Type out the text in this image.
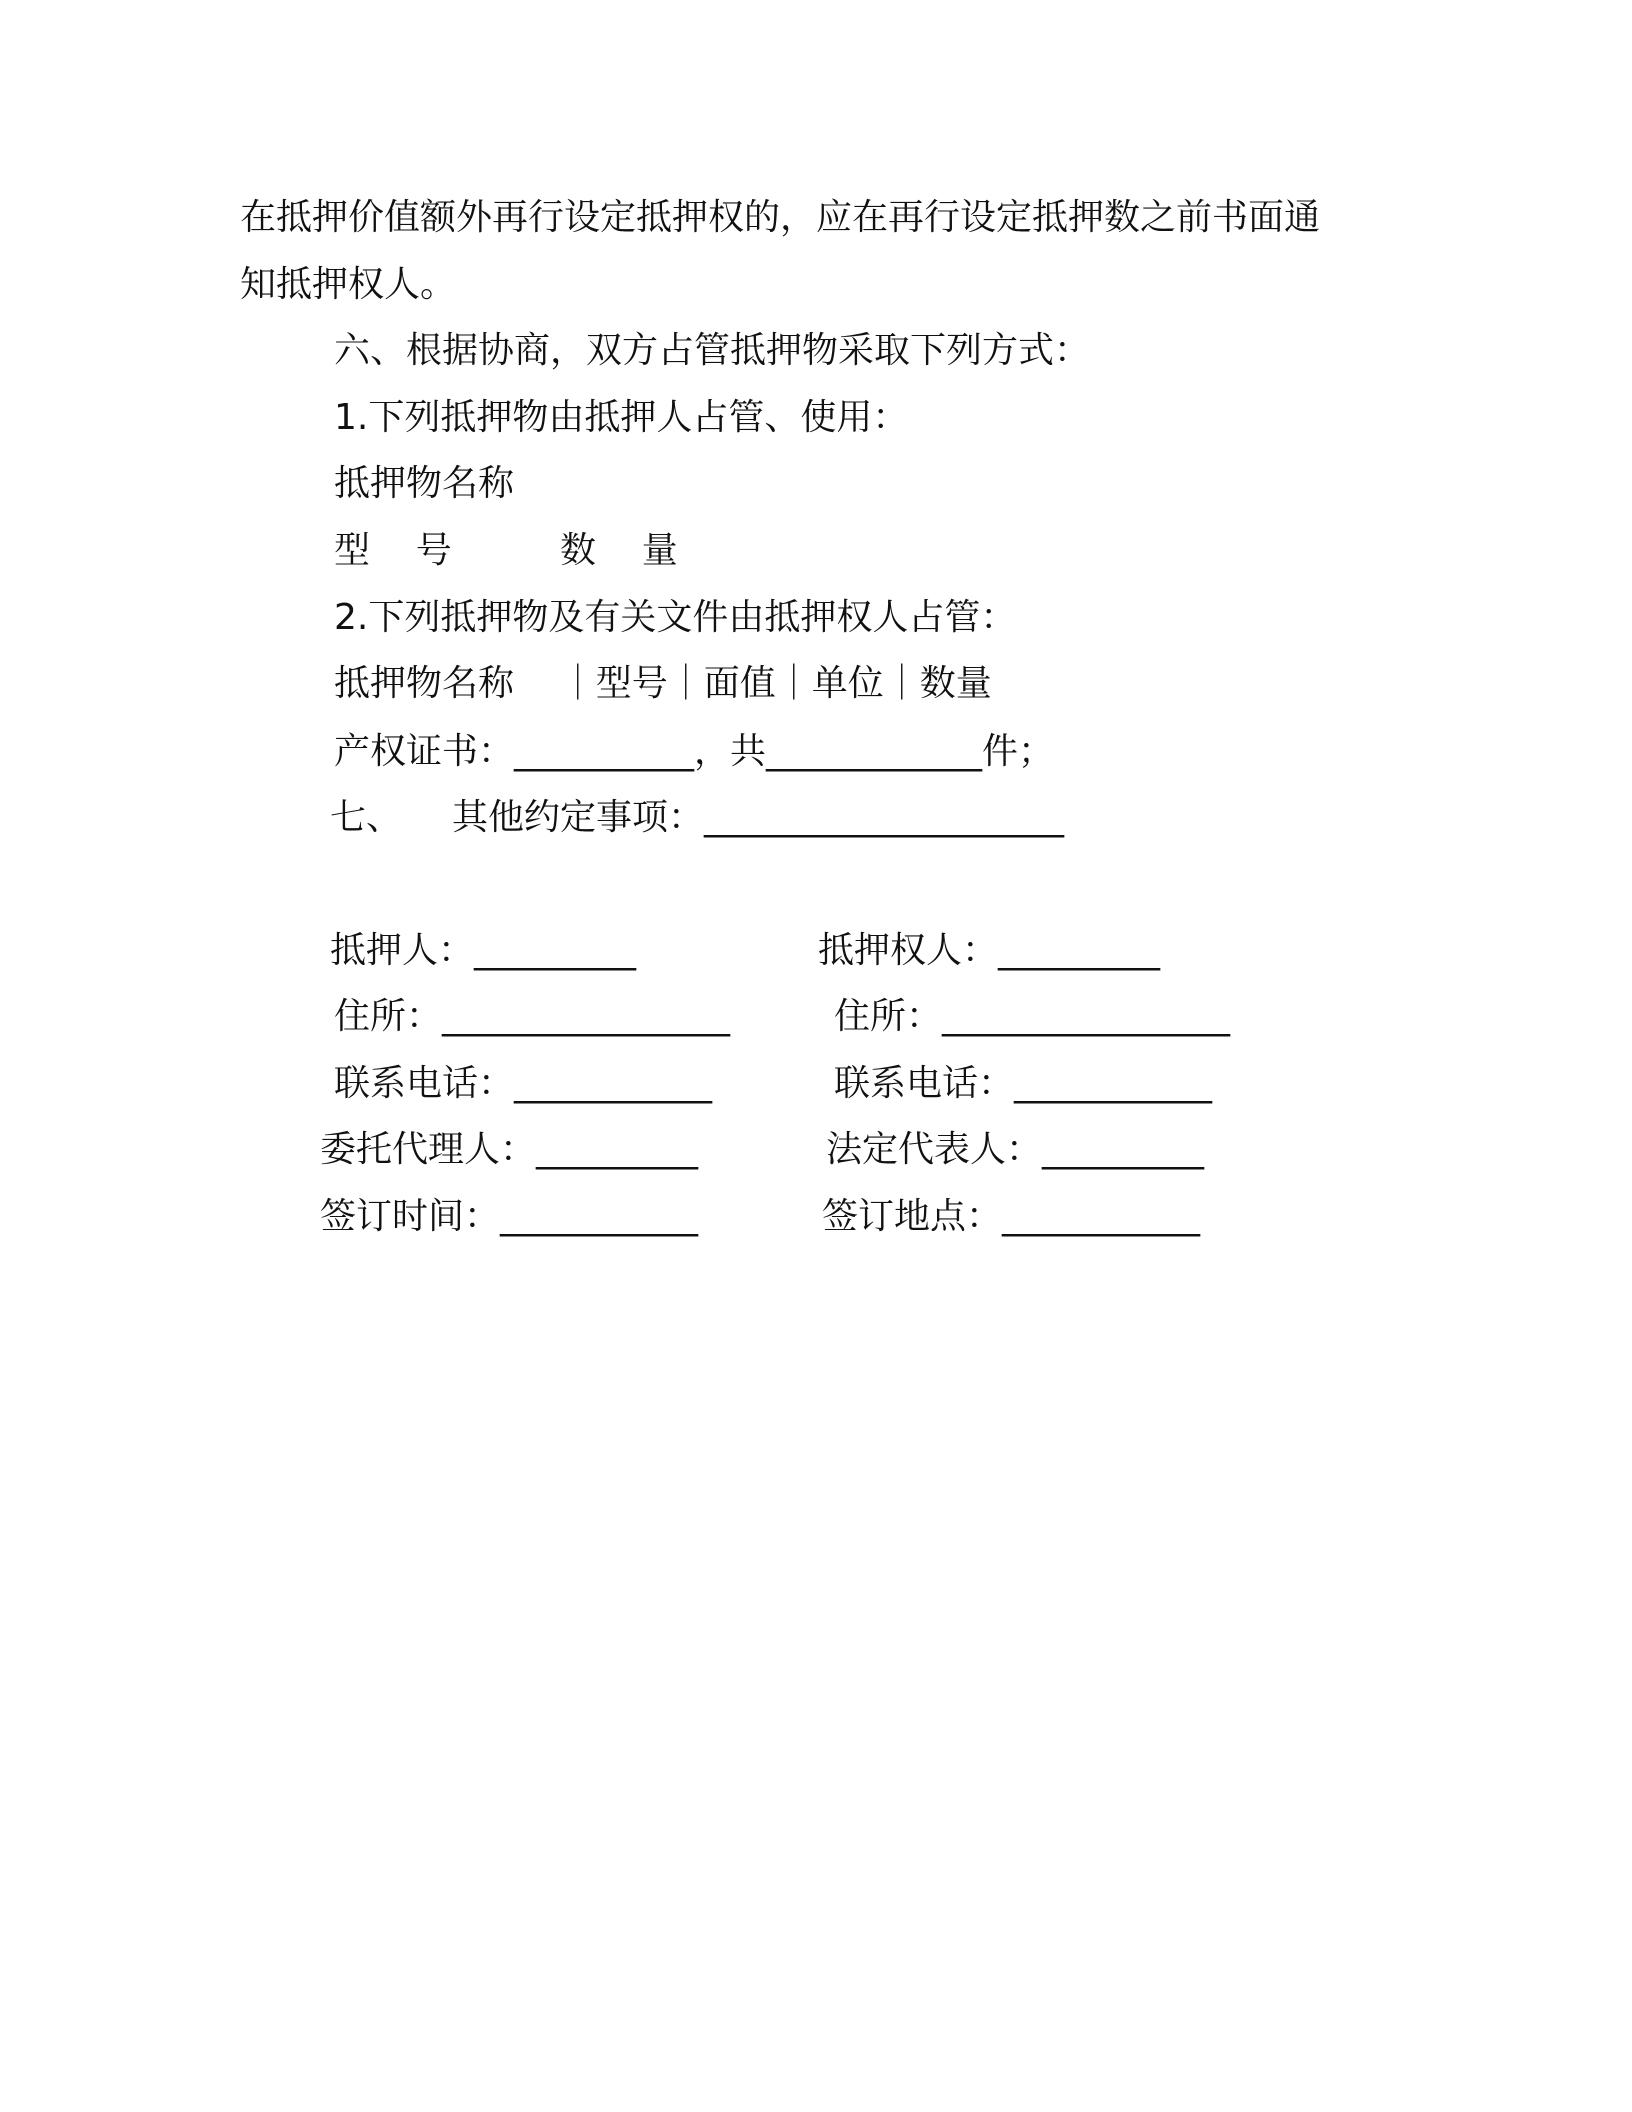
在抵押价值额外再行设定抵押权的，应在再行设定抵押数之前书面通
知抵押权人。
六、根据协商，双方占管抵押物采取下列方式：
1.下列抵押物由抵押人占管、使用：
抵押物名称
型    号	数    量
2.下列抵押物及有关文件由抵押权人占管：
抵押物名称    ｜型号｜面值｜单位｜数量
产权证书：__________，共____________件；
七、 其他约定事项：____________________
抵押人：_________
住所：________________
联系电话：___________
委托代理人：_________
签订时间：___________
抵押权人：_________
住所：________________
联系电话：___________
法定代表人：_________
签订地点：___________
